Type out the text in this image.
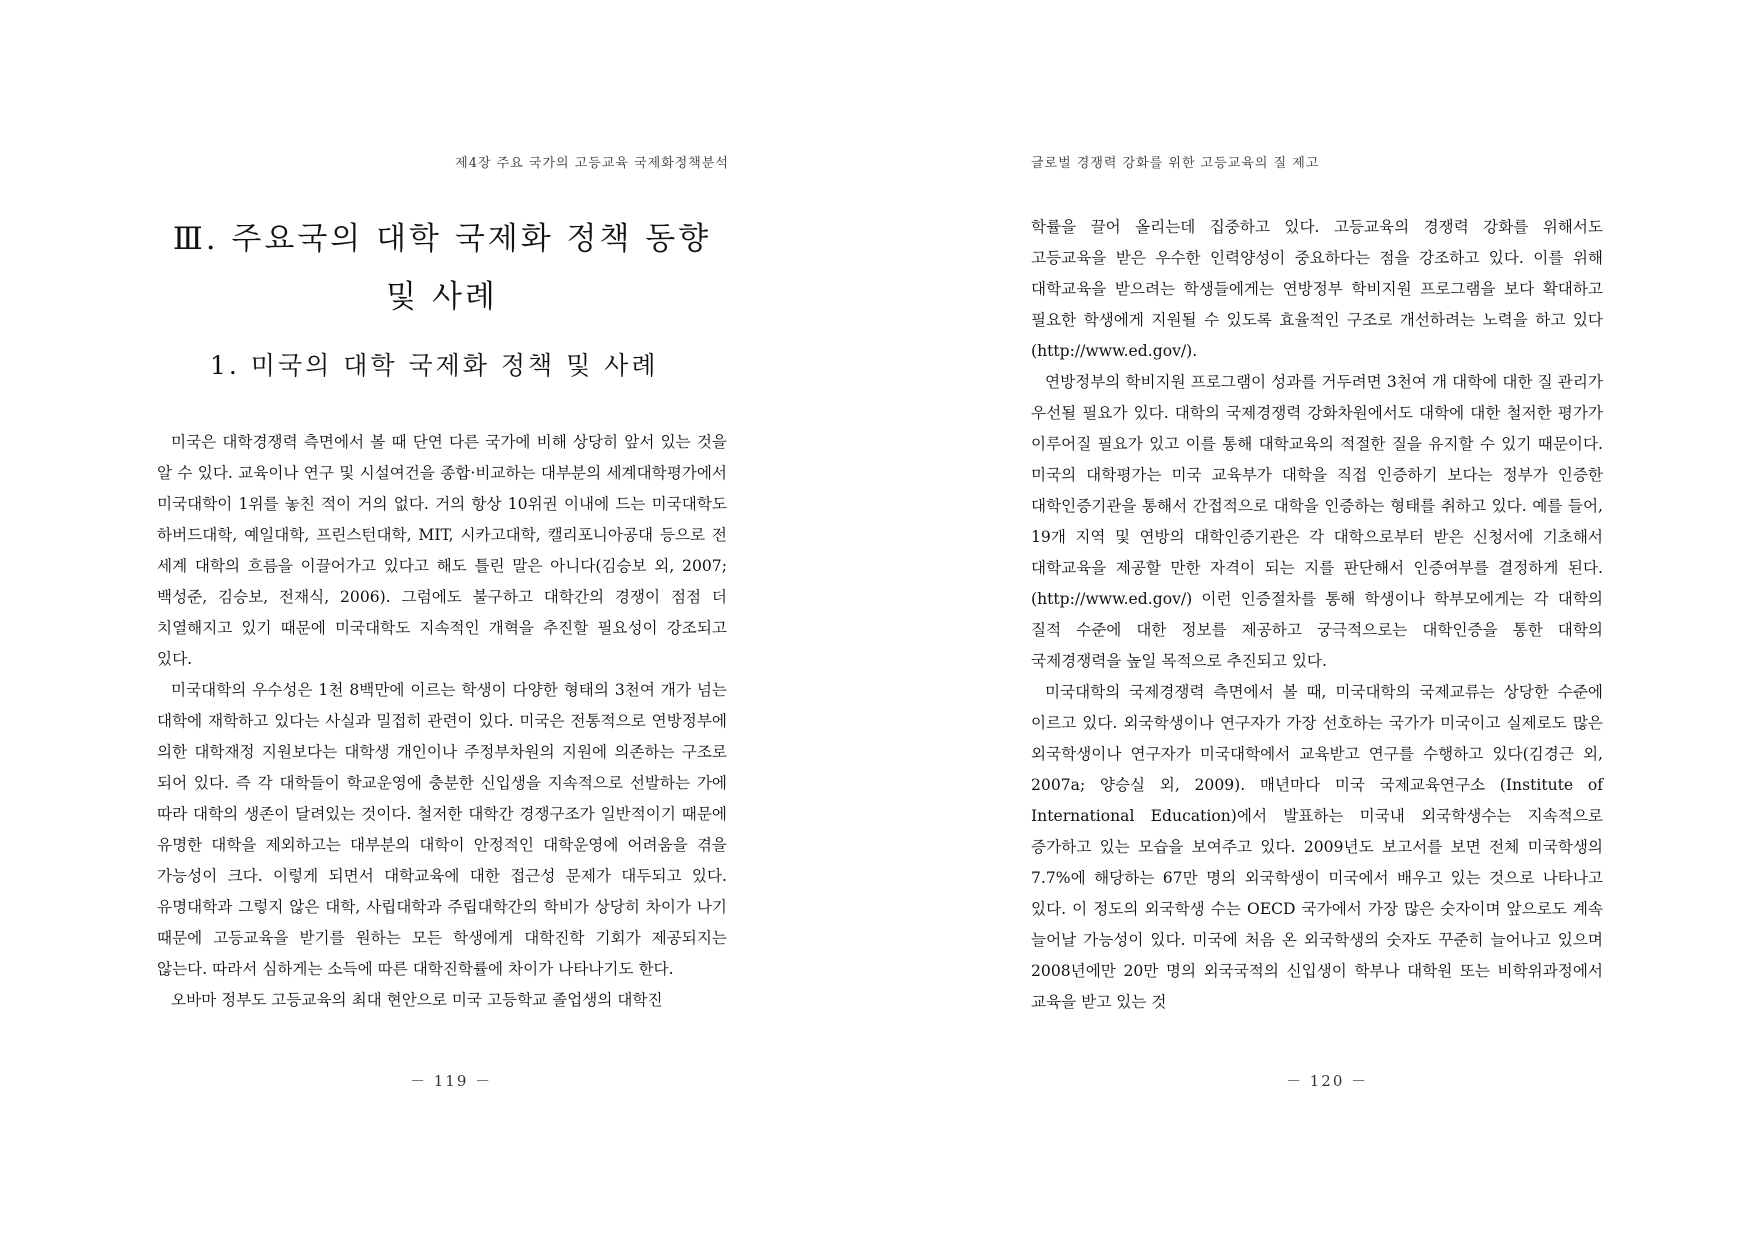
제4장 주요 국가의 고등교육 국제화정책분석
Ⅲ. 주요국의 대학 국제화 정책 동향 및 사례
1. 미국의 대학 국제화 정책 및 사례

미국은 대학경쟁력 측면에서 볼 때 단연 다른 국가에 비해 상당히 앞서 있는 것을 알 수 있다. 교육이나 연구 및 시설여건을 종합·비교하는 대부분의 세계대학평가에서 미국대학이 1위를 놓친 적이 거의 없다. 거의 항상 10위권 이내에 드는 미국대학도 하버드대학, 예일대학, 프린스턴대학, MIT, 시카고대학, 캘리포니아공대 등으로 전 세계 대학의 흐름을 이끌어가고 있다고 해도 틀린 말은 아니다(김승보 외, 2007; 백성준, 김승보, 전재식, 2006). 그럼에도 불구하고 대학간의 경쟁이 점점 더 치열해지고 있기 때문에 미국대학도 지속적인 개혁을 추진할 필요성이 강조되고 있다.

미국대학의 우수성은 1천 8백만에 이르는 학생이 다양한 형태의 3천여 개가 넘는 대학에 재학하고 있다는 사실과 밀접히 관련이 있다. 미국은 전통적으로 연방정부에 의한 대학재정 지원보다는 대학생 개인이나 주정부차원의 지원에 의존하는 구조로 되어 있다. 즉 각 대학들이 학교운영에 충분한 신입생을 지속적으로 선발하는 가에 따라 대학의 생존이 달려있는 것이다. 철저한 대학간 경쟁구조가 일반적이기 때문에 유명한 대학을 제외하고는 대부분의 대학이 안정적인 대학운영에 어려움을 겪을 가능성이 크다. 이렇게 되면서 대학교육에 대한 접근성 문제가 대두되고 있다. 유명대학과 그렇지 않은 대학, 사립대학과 주립대학간의 학비가 상당히 차이가 나기 때문에 고등교육을 받기를 원하는 모든 학생에게 대학진학 기회가 제공되지는 않는다. 따라서 심하게는 소득에 따른 대학진학률에 차이가 나타나기도 한다.

오바마 정부도 고등교육의 최대 현안으로 미국 고등학교 졸업생의 대학진

－ 119 －
글로벌 경쟁력 강화를 위한 고등교육의 질 제고

학률을 끌어 올리는데 집중하고 있다. 고등교육의 경쟁력 강화를 위해서도 고등교육을 받은 우수한 인력양성이 중요하다는 점을 강조하고 있다. 이를 위해 대학교육을 받으려는 학생들에게는 연방정부 학비지원 프로그램을 보다 확대하고 필요한 학생에게 지원될 수 있도록 효율적인 구조로 개선하려는 노력을 하고 있다(http://www.ed.gov/).

연방정부의 학비지원 프로그램이 성과를 거두려면 3천여 개 대학에 대한 질 관리가 우선될 필요가 있다. 대학의 국제경쟁력 강화차원에서도 대학에 대한 철저한 평가가 이루어질 필요가 있고 이를 통해 대학교육의 적절한 질을 유지할 수 있기 때문이다. 미국의 대학평가는 미국 교육부가 대학을 직접 인증하기 보다는 정부가 인증한 대학인증기관을 통해서 간접적으로 대학을 인증하는 형태를 취하고 있다. 예를 들어, 19개 지역 및 연방의 대학인증기관은 각 대학으로부터 받은 신청서에 기초해서 대학교육을 제공할 만한 자격이 되는 지를 판단해서 인증여부를 결정하게 된다. (http://www.ed.gov/) 이런 인증절차를 통해 학생이나 학부모에게는 각 대학의 질적 수준에 대한 정보를 제공하고 궁극적으로는 대학인증을 통한 대학의 국제경쟁력을 높일 목적으로 추진되고 있다.

미국대학의 국제경쟁력 측면에서 볼 때, 미국대학의 국제교류는 상당한 수준에 이르고 있다. 외국학생이나 연구자가 가장 선호하는 국가가 미국이고 실제로도 많은 외국학생이나 연구자가 미국대학에서 교육받고 연구를 수행하고 있다(김경근 외, 2007a; 양승실 외, 2009). 매년마다 미국 국제교육연구소 (Institute of International Education)에서 발표하는 미국내 외국학생수는 지속적으로 증가하고 있는 모습을 보여주고 있다. 2009년도 보고서를 보면 전체 미국학생의 7.7%에 해당하는 67만 명의 외국학생이 미국에서 배우고 있는 것으로 나타나고 있다. 이 정도의 외국학생 수는 OECD 국가에서 가장 많은 숫자이며 앞으로도 계속 늘어날 가능성이 있다. 미국에 처음 온 외국학생의 숫자도 꾸준히 늘어나고 있으며 2008년에만 20만 명의 외국국적의 신입생이 학부나 대학원 또는 비학위과정에서 교육을 받고 있는 것

－ 120 －
